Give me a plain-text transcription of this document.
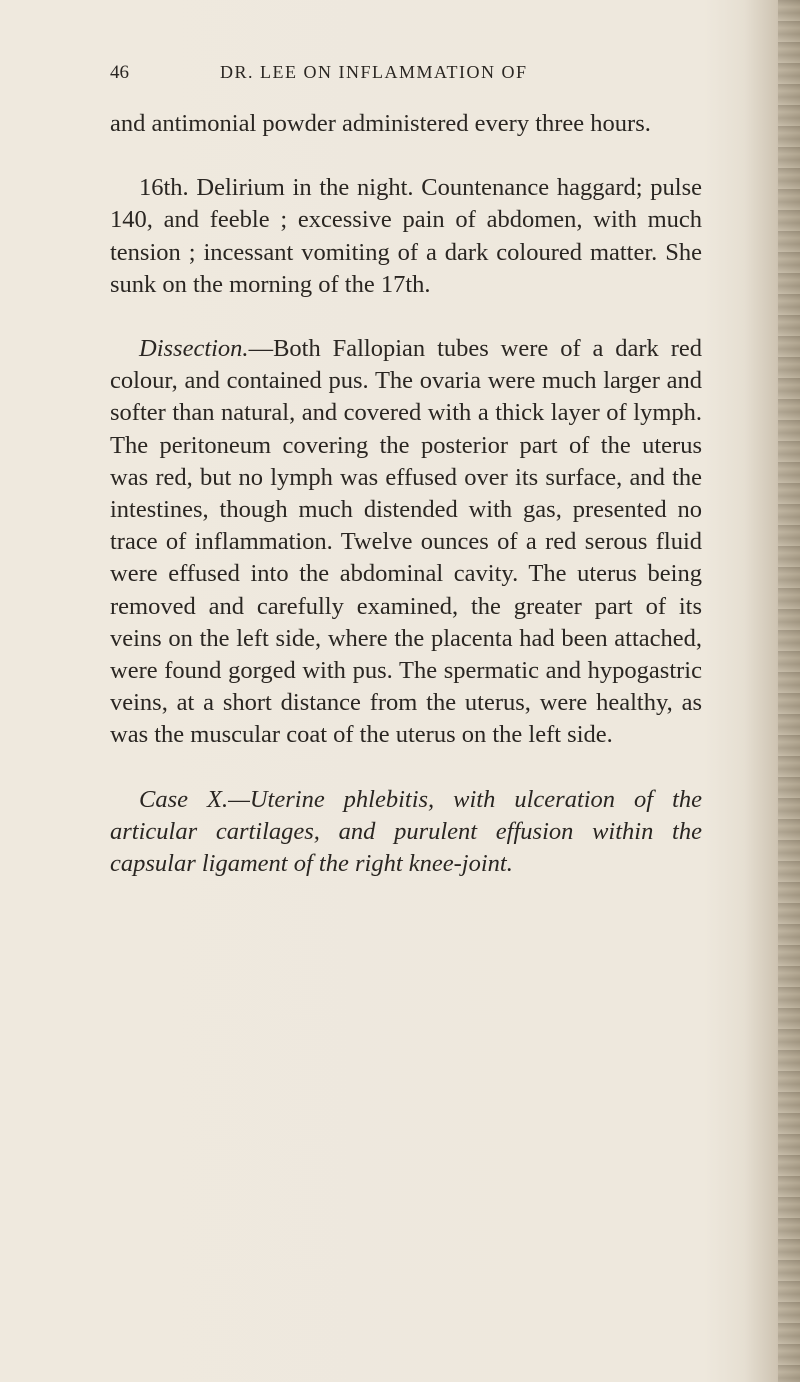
46	DR. LEE ON INFLAMMATION OF

and antimonial powder administered every three hours.

16th. Delirium in the night. Countenance haggard; pulse 140, and feeble ; excessive pain of abdomen, with much tension ; incessant vomiting of a dark coloured matter. She sunk on the morning of the 17th.

Dissection.—Both Fallopian tubes were of a dark red colour, and contained pus. The ovaria were much larger and softer than natural, and covered with a thick layer of lymph. The peritoneum covering the posterior part of the uterus was red, but no lymph was effused over its surface, and the intestines, though much distended with gas, presented no trace of inflammation. Twelve ounces of a red serous fluid were effused into the abdominal cavity. The uterus being removed and carefully examined, the greater part of its veins on the left side, where the placenta had been attached, were found gorged with pus. The spermatic and hypogastric veins, at a short distance from the uterus, were healthy, as was the muscular coat of the uterus on the left side.

Case X.—Uterine phlebitis, with ulceration of the articular cartilages, and purulent effusion within the capsular ligament of the right knee-joint.
